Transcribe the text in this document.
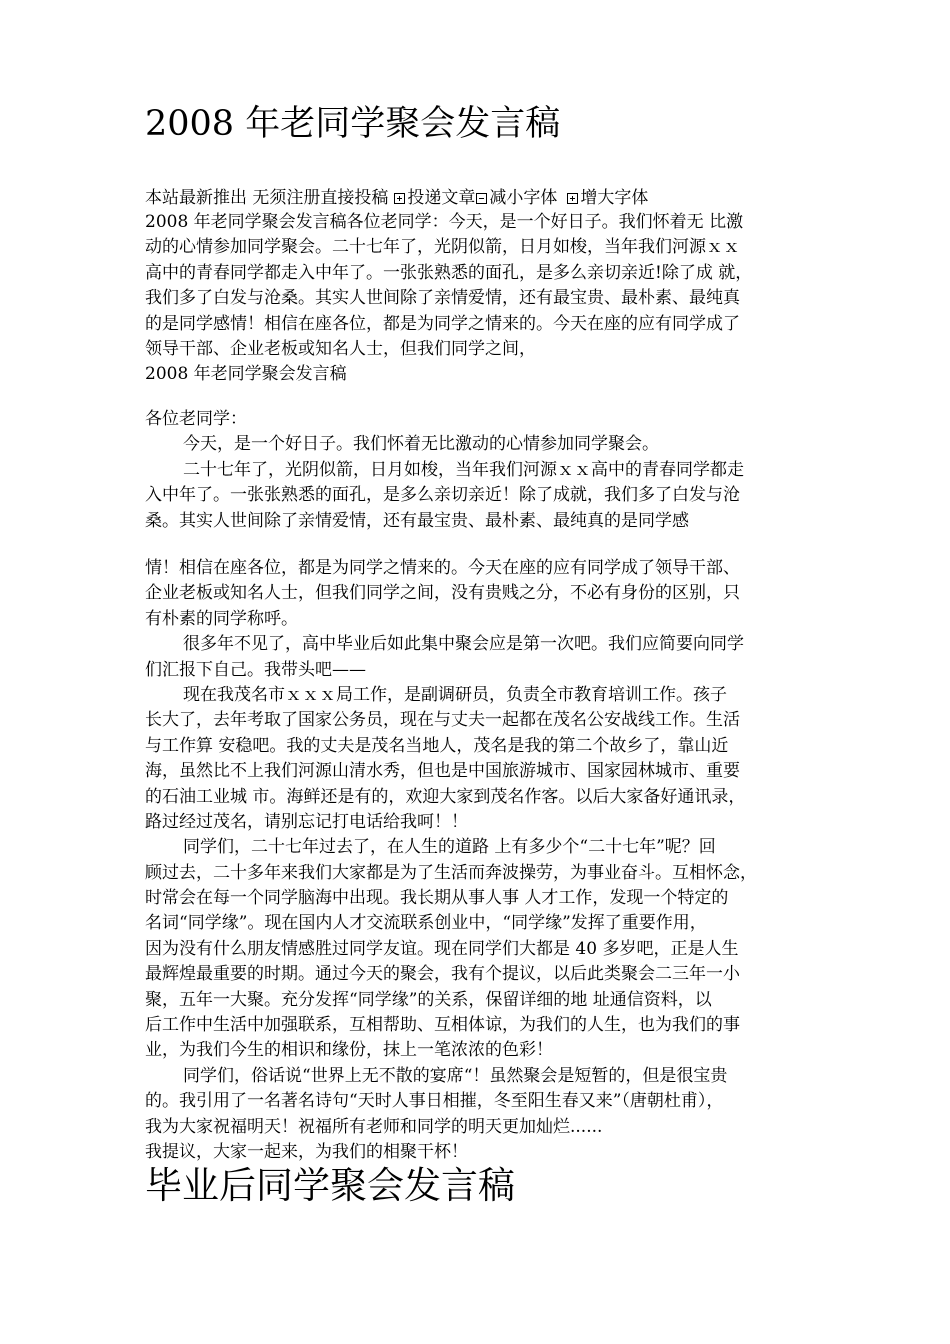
2008 年老同学聚会发言稿
本站最新推出 无须注册直接投稿 投递文章 减小字体 增大字体
2008 年老同学聚会发言稿各位老同学：今天，是一个好日子。我们怀着无 比激
动的心情参加同学聚会。二十七年了，光阴似箭，日月如梭，当年我们河源ｘｘ
高中的青春同学都走入中年了。一张张熟悉的面孔，是多么亲切亲近!除了成 就，
我们多了白发与沧桑。其实人世间除了亲情爱情，还有最宝贵、最朴素、最纯真
的是同学感情！相信在座各位，都是为同学之情来的。今天在座的应有同学成了
领导干部、企业老板或知名人士，但我们同学之间，
2008 年老同学聚会发言稿
各位老同学：
今天，是一个好日子。我们怀着无比激动的心情参加同学聚会。
二十七年了，光阴似箭，日月如梭，当年我们河源ｘｘ高中的青春同学都走
入中年了。一张张熟悉的面孔，是多么亲切亲近！除了成就，我们多了白发与沧
桑。其实人世间除了亲情爱情，还有最宝贵、最朴素、最纯真的是同学感
情！相信在座各位，都是为同学之情来的。今天在座的应有同学成了领导干部、
企业老板或知名人士，但我们同学之间，没有贵贱之分，不必有身份的区别，只
有朴素的同学称呼。
很多年不见了，高中毕业后如此集中聚会应是第一次吧。我们应简要向同学
们汇报下自己。我带头吧——
现在我茂名市ｘｘｘ局工作，是副调研员，负责全市教育培训工作。孩子
长大了，去年考取了国家公务员，现在与丈夫一起都在茂名公安战线工作。生活
与工作算 安稳吧。我的丈夫是茂名当地人，茂名是我的第二个故乡了，靠山近
海，虽然比不上我们河源山清水秀，但也是中国旅游城市、国家园林城市、重要
的石油工业城 市。海鲜还是有的，欢迎大家到茂名作客。以后大家备好通讯录，
路过经过茂名，请别忘记打电话给我呵！！
同学们，二十七年过去了，在人生的道路 上有多少个“二十七年”呢？回
顾过去，二十多年来我们大家都是为了生活而奔波操劳，为事业奋斗。互相怀念，
时常会在每一个同学脑海中出现。我长期从事人事 人才工作，发现一个特定的
名词“同学缘”。现在国内人才交流联系创业中，“同学缘”发挥了重要作用，
因为没有什么朋友情感胜过同学友谊。现在同学们大都是 40 多岁吧，正是人生
最辉煌最重要的时期。通过今天的聚会，我有个提议，以后此类聚会二三年一小
聚，五年一大聚。充分发挥“同学缘”的关系，保留详细的地 址通信资料，以
后工作中生活中加强联系，互相帮助、互相体谅，为我们的人生，也为我们的事
业，为我们今生的相识和缘份，抹上一笔浓浓的色彩！
同学们，俗话说“世界上无不散的宴席“！虽然聚会是短暂的，但是很宝贵
的。我引用了一名著名诗句“天时人事日相摧，冬至阳生春又来”（唐朝杜甫），
我为大家祝福明天！祝福所有老师和同学的明天更加灿烂......
我提议，大家一起来，为我们的相聚干杯！
毕业后同学聚会发言稿
